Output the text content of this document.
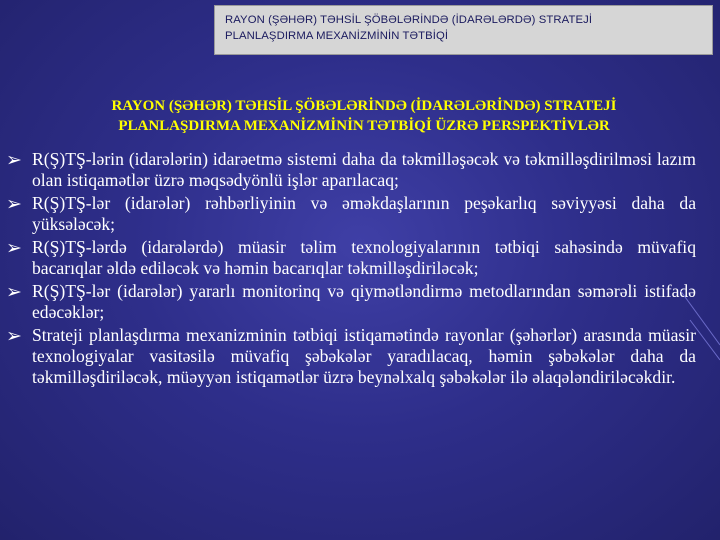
RAYON (ŞƏHƏR) TƏHSİL ŞÖBƏLƏRİNDƏ (İDARƏLƏRDƏ) STRATEJİ
PLANLAŞDIRMA MEXANİZMİNİN TƏTBİQİ
RAYON (ŞƏHƏR) TƏHSİL ŞÖBƏLƏRİNDƏ (İDARƏLƏRİNDƏ) STRATEJİ
PLANLAŞDIRMA MEXANİZMİNİN TƏTBİQİ ÜZRƏ PERSPEKTİVLƏR
➢ R(Ş)TŞ-lərin (idarələrin) idarəetmə sistemi daha da təkmilləşəcək və təkmilləşdirilməsi lazım olan istiqamətlər üzrə məqsədyönlü işlər aparılacaq;
➢ R(Ş)TŞ-lər (idarələr) rəhbərliyinin və əməkdaşlarının peşəkarlıq səviyyəsi daha da yüksələcək;
➢ R(Ş)TŞ-lərdə (idarələrdə) müasir təlim texnologiyalarının tətbiqi sahəsində müvafiq bacarıqlar əldə ediləcək və həmin bacarıqlar təkmilləşdiriləcək;
➢ R(Ş)TŞ-lər (idarələr) yararlı monitorinq və qiymətləndirmə metodlarından səmərəli istifadə edəcəklər;
➢ Strateji planlaşdırma mexanizminin tətbiqi istiqamətində rayonlar (şəhərlər) arasında müasir texnologiyalar vasitəsilə müvafiq şəbəkələr yaradılacaq, həmin şəbəkələr daha da təkmilləşdiriləcək, müəyyən istiqamətlər üzrə beynəlxalq şəbəkələr ilə əlaqələndiriləcəkdir.
